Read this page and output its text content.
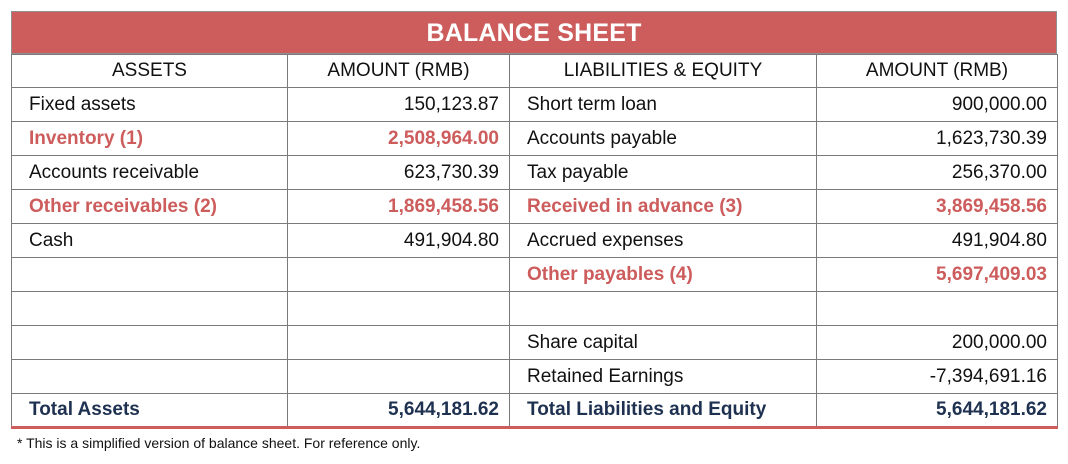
BALANCE SHEET
ASSETS	AMOUNT (RMB)	LIABILITIES & EQUITY	AMOUNT (RMB)
Fixed assets	150,123.87	Short term loan	900,000.00
Inventory (1)	2,508,964.00	Accounts payable	1,623,730.39
Accounts receivable	623,730.39	Tax payable	256,370.00
Other receivables (2)	1,869,458.56	Received in advance (3)	3,869,458.56
Cash	491,904.80	Accrued expenses	491,904.80
		Other payables (4)	5,697,409.03

		Share capital	200,000.00
		Retained Earnings	-7,394,691.16
Total Assets	5,644,181.62	Total Liabilities and Equity	5,644,181.62
* This is a simplified version of balance sheet. For reference only.
